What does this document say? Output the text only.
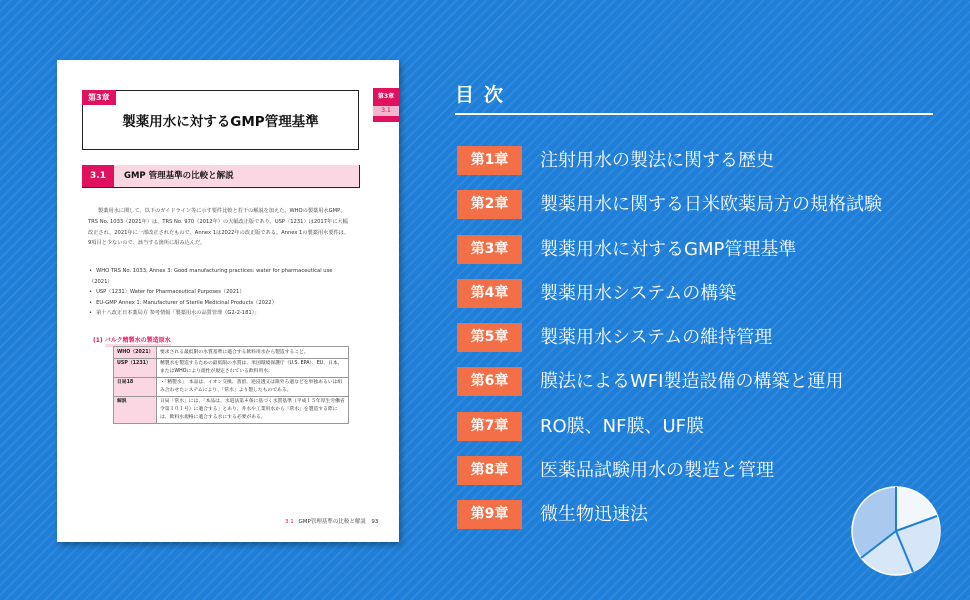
第3章
3.1
第3章
製薬用水に対するGMP管理基準
3.1	GMP 管理基準の比較と解説
製薬用水に関して、以下のガイドライン等に示す要件比較と若干の解説を加えた。WHOの製薬用水GMP、TRS No. 1033（2021年）は、TRS No. 970（2012年）の大幅改正版であり、USP〈1231〉は2017年に大幅改正され、2021年に一部改正されたもので、Annex 1は2022年の改正版である。Annex 1の製薬用水要件は、9項目と少ないので、該当する箇所に組み込んだ。
• WHO TRS No. 1033, Annex 3: Good manufacturing practices: water for pharmaceutical use（2021）
• USP〈1231〉Water for Pharmaceutical Purposes（2021）
• EU-GMP Annex 1: Manufacturer of Sterile Medicinal Products（2022）
• 第十八改正日本薬局方 参考情報「製薬用水の品質管理（G2-2-181）」
(1) バルク精製水の製造原水
WHO（2021）	要求される最低限の水質基準に適合する飲料用水から製造すること。
USP（1231）	精製水を製造するための最低限の水質は、米国環境保護庁（U.S. EPA）、EU、日本、またはWHOにより規性が規定されている飲料用水。
日局18	・「精製水」　本品は、イオン交換、蒸留、逆浸透又は限外ろ過などを単独あるいは組み合わせたシステムにより、「常水」より製したものである。
解説	日局「常水」には、「本品は、水道法第４条に基づく水質基準（平成１５年厚生労働省令第１０１号）に適合する」とあり、井水や工業用水から「常水」を製造する際には、飲料水規格に適合する水にする必要がある。
3.1 GMP管理基準の比較と解説　93
目次
第1章 注射用水の製法に関する歴史
第2章 製薬用水に関する日米欧薬局方の規格試験
第3章 製薬用水に対するGMP管理基準
第4章 製薬用水システムの構築
第5章 製薬用水システムの維持管理
第6章 膜法によるWFI製造設備の構築と運用
第7章 RO膜、NF膜、UF膜
第8章 医薬品試験用水の製造と管理
第9章 微生物迅速法
